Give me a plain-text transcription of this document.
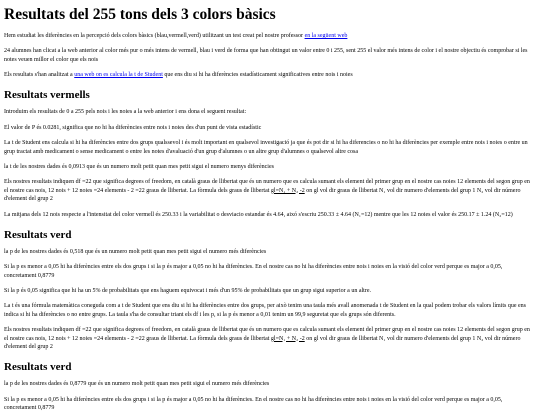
Resultats del 255 tons dels 3 colors bàsics

Hem estudiat les diferències en la percepció dels colors bàsics (blau,vermell,verd) utilitzant un test creat pel nostre professor en la següent web

24 alumnes han clicat a la web anterior al color més pur o més intens de vermell, blau i verd de forma que han obtingut un valor entre 0 i 255, sent 255 el valor més intens de color i el nostre objectiu és comprobar si les notes veuen millor el color que els nois

Els resultats s'han analitzat a una web on es calcula la t de Student que ens diu si hi ha diferències estadísticament significatives entre nois i noies

Resultats vermells

Introduim els resultats de 0 a 255 pels nois i les noies a la web anterior i ens dona el seguent resultat:

El valor de P és 0.0281, significa que no hi ha diferències entre nois i noies des d'un punt de vista estadístic

La t de Student ens calcula si hi ha diferències entre dos grups qualssevol i és molt important en qualsevol investigació ja que és pot dir si hi ha diferencies o no hi ha diferències per exemple entre nois i noies o entre un grup tractat amb medicament o sense medicament o entre les notes d'avaluació d'un grup d'alumnes o un altre grup d'alumnes o qualsevol altre cosa

la t de les nostres dades és 0,0913 que és un numero molt petit quan mes petit sigui el numero menys diferències

Els nostres resultats indiquen df =22 que significa degrees of freedom, en català graus de llibertat que és un numero que es calcula sumant els element del primer grup en el nostre cas noies 12 elements del segon grup en el nostre cas nois, 12 nois + 12 noies =24 elements - 2 =22 graus de llibertat. La fòrmula dels graus de llibertat gl=N₁ + N₂ -2 on gl vol dir graus de llibertat N₁ vol dir numero d'elements del grup 1 N₂ vol dir número d'element del grup 2

La mitjana dels 12 nois respecte a l'intensitat del color vermell és 250.33 i la variabilitat o desviacio estandar és 4.64, aixó s'escriu 250.33 ± 4.64 (N₁=12) mentre que les 12 noies el valor és 250.17 ± 1.24 (N₂=12)

Resultats verd

la p de les nostres dades és 0,518 que és un numero molt petit quan mes petit sigui el numero més diferències

Si la p es menor a 0,05 hi ha diferències entre els dos grups i si la p és major a 0,05 no hi ha diferències. En el nostre cas no hi ha diferències entre nois i noies en la visió del color verd perque es major a 0,05, concretament 0,8779

Si la p és 0,05 significa que hi ha un 5% de probabilitats que ens haguem equivocat i més d'un 95% de probabilitats que un grup sigui superior a un altre.

La t és una fórmula matemàtica coneguda com a t de Student que ens diu si hi ha diferències entre dos grups, per això tenim una taula més avall anomenada t de Student en la qual podem trobar els valors límits que ens indica si hi ha diferències o no entre grups. La taula s'ha de consultar triant els df i les p, si la p és menor a 0,01 tenim un 99,9 seguretat que els grups són diferents.

Els nostres resultats indiquen df =22 que significa degrees of freedom, en català graus de llibertat que és un numero que es calcula sumant els element del primer grup en el nostre cas noies 12 elements del segon grup en el nostre cas nois, 12 nois + 12 noies =24 elements - 2 =22 graus de llibertat. La fòrmula dels graus de llibertat gl=N₁ + N₂ -2 on gl vol dir graus de llibertat N₁ vol dir numero d'elements del grup 1 N₂ vol dir número d'element del grup 2

Resultats verd

la p de les nostres dades és 0,8779 que és un numero molt petit quan mes petit sigui el numero més diferències

Si la p es menor a 0,05 hi ha diferències entre els dos grups i si la p és major a 0,05 no hi ha diferències. En el nostre cas no hi ha diferències entre nois i noies en la visió del color verd perque es major a 0,05, concretament 0,8779
